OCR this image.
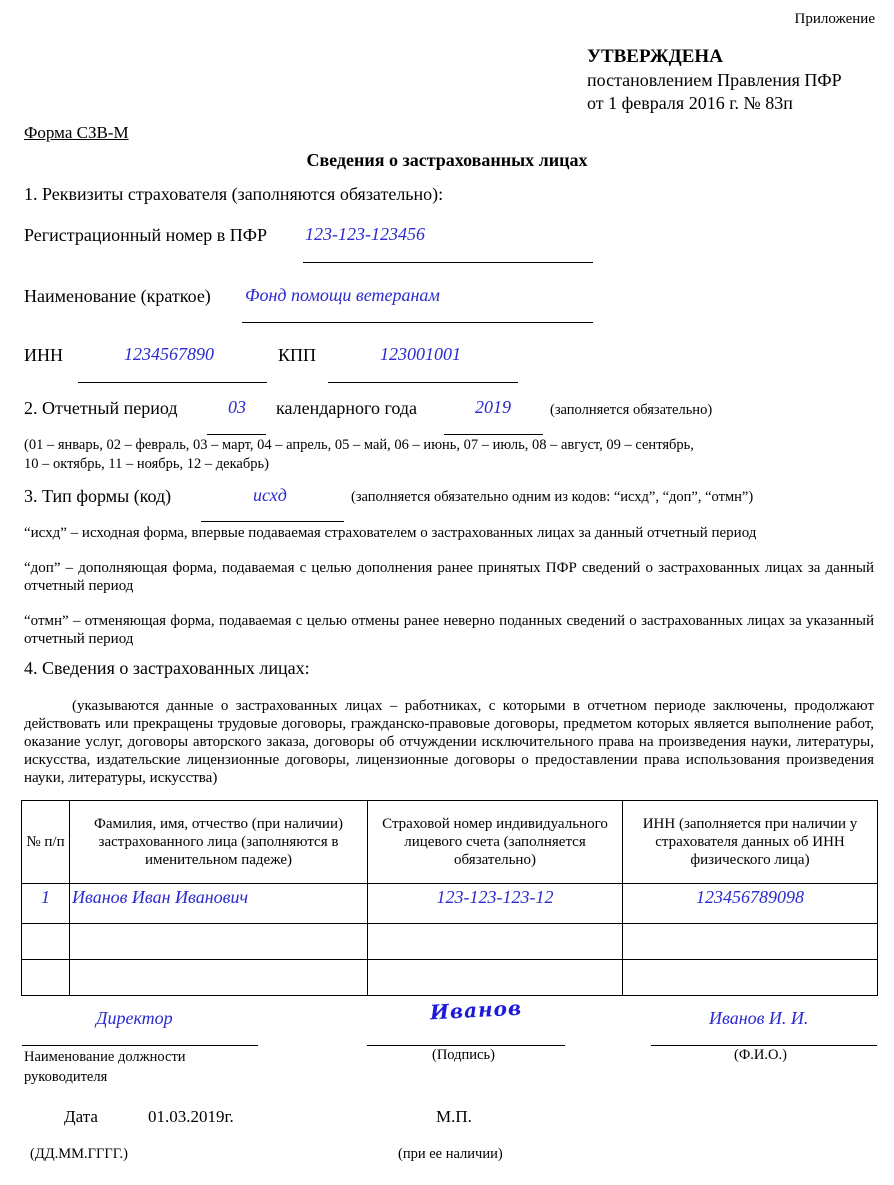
Приложение
УТВЕРЖДЕНА
постановлением Правления ПФР
от 1 февраля 2016 г. № 83п
Форма СЗВ-М
Сведения о застрахованных лицах
1. Реквизиты страхователя (заполняются обязательно):
Регистрационный номер в ПФР 123-123-123456
Наименование (краткое) Фонд помощи ветеранам
ИНН	1234567890	КПП	123001001
2. Отчетный период	03 календарного года	2019	(заполняется обязательно)
(01 – январь, 02 – февраль, 03 – март, 04 – апрель, 05 – май, 06 – июнь, 07 – июль, 08 – август, 09 – сентябрь,
10 – октябрь, 11 – ноябрь, 12 – декабрь)
3. Тип формы (код)	исхд	(заполняется обязательно одним из кодов: “исхд”, “доп”, “отмн”)
“исхд” – исходная форма, впервые подаваемая страхователем о застрахованных лицах за данный отчетный период
“доп” – дополняющая форма, подаваемая с целью дополнения ранее принятых ПФР сведений о застрахованных лицах за данный отчетный период
“отмн” – отменяющая форма, подаваемая с целью отмены ранее неверно поданных сведений о застрахованных лицах за указанный отчетный период
4. Сведения о застрахованных лицах:
(указываются данные о застрахованных лицах – работниках, с которыми в отчетном периоде заключены, продолжают действовать или прекращены трудовые договоры, гражданско-правовые договоры, предметом которых является выполнение работ, оказание услуг, договоры авторского заказа, договоры об отчуждении исключительного права на произведения науки, литературы, искусства, издательские лицензионные договоры, лицензионные договоры о предоставлении права использования произведения науки, литературы, искусства)
№ п/п	Фамилия, имя, отчество (при наличии) застрахованного лица (заполняются в именительном падеже)	Страховой номер индивидуального лицевого счета (заполняется обязательно)	ИНН (заполняется при наличии у страхователя данных об ИНН физического лица)
1	Иванов Иван Иванович	123-123-123-12	123456789098

Директор
Наименование должности руководителя
Иванов
(Подпись)
Иванов И. И.
(Ф.И.О.)
Дата	01.03.2019г.	М.П.
(ДД.ММ.ГГГГ.)	(при ее наличии)
